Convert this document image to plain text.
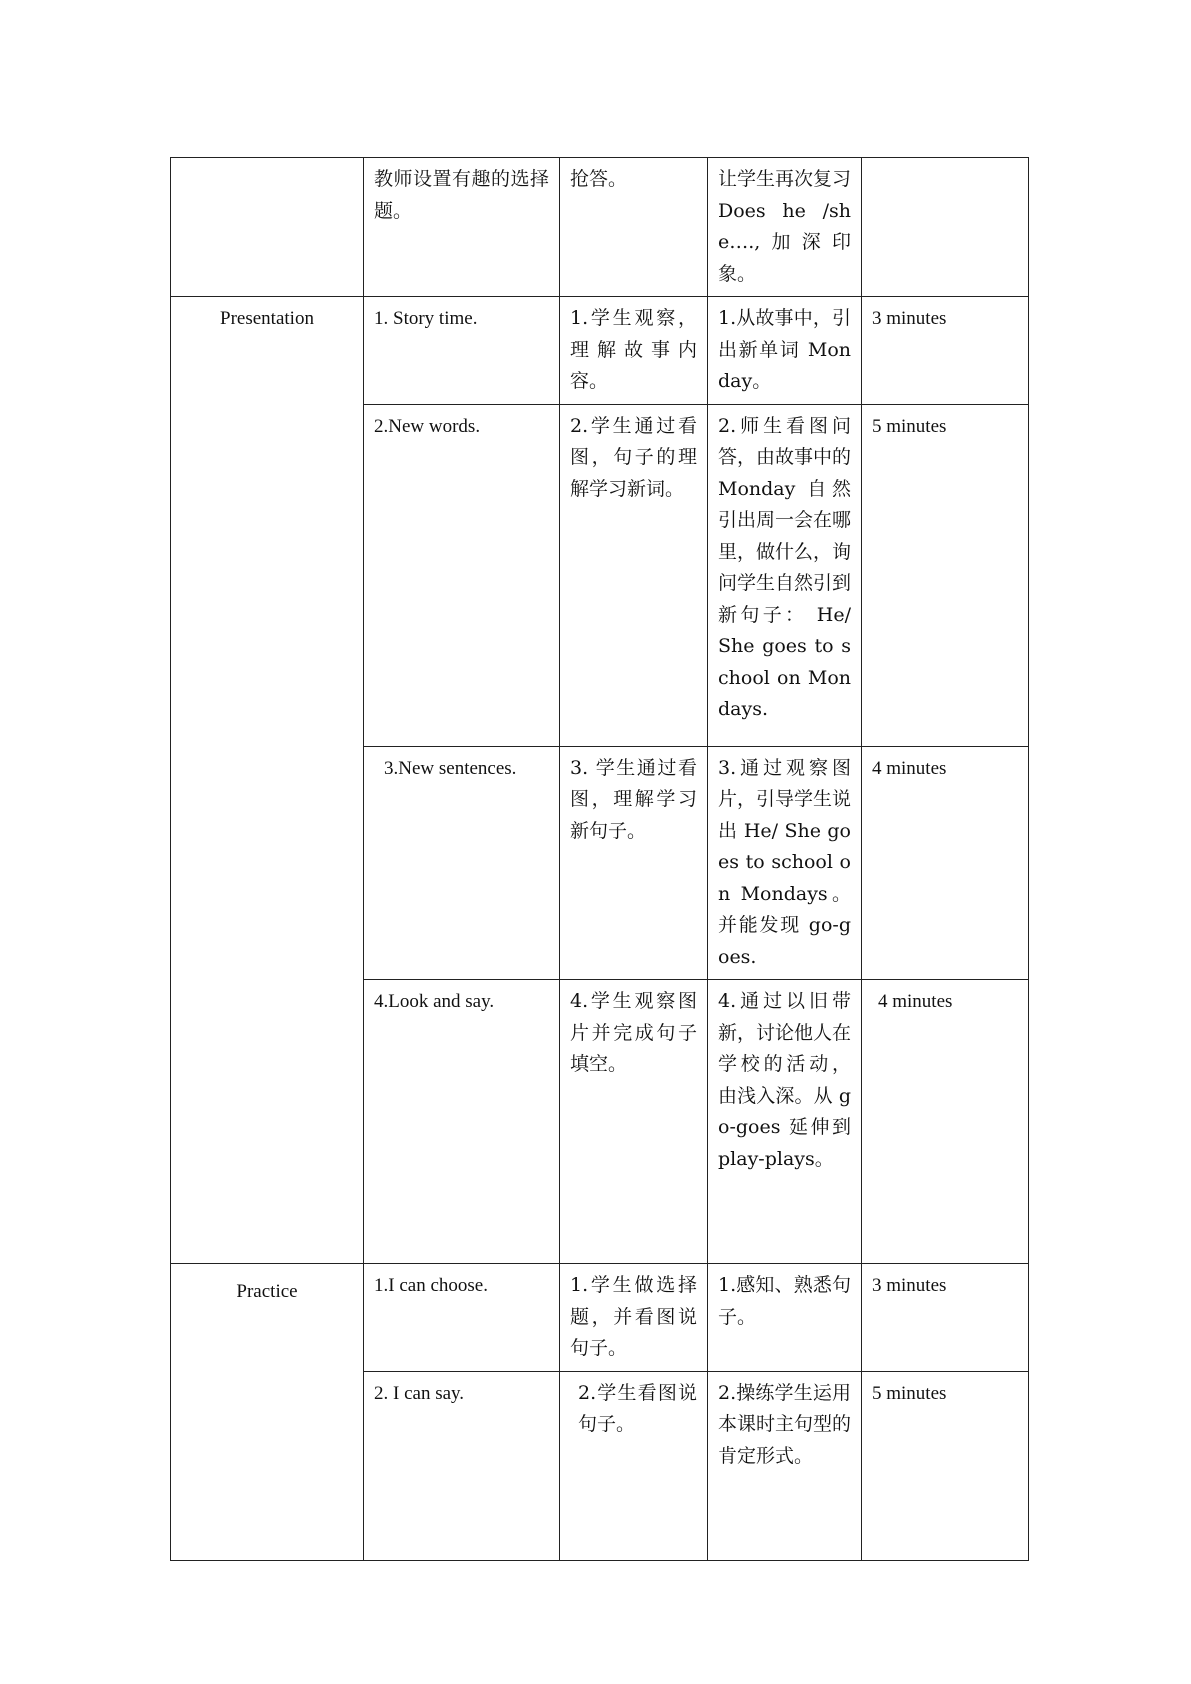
	教师设置有趣的选择题。	抢答。	让学生再次复习 Does he /she….,加深印象。	
Presentation	1. Story time.	1.学生观察，理解故事内容。	1.从故事中，引出新单词 Monday。	3 minutes
	2.New words.	2.学生通过看图，句子的理解学习新词。	2.师生看图问答，由故事中的 Monday 自然引出周一会在哪里，做什么，询问学生自然引到新句子： He/ She goes to school on Mondays.	5 minutes
	3.New sentences.	3. 学生通过看图，理解学习新句子。	3.通过观察图片，引导学生说出 He/ She goes to school on Mondays。并能发现 go-goes.	4 minutes
	4.Look and say.	4.学生观察图片并完成句子填空。	4.通过以旧带新，讨论他人在学校的活动， 由浅入深。从 go-goes 延伸到 play-plays。	4 minutes
Practice	1.I can choose.	1.学生做选择题，并看图说句子。	1.感知、熟悉句子。	3 minutes
	2. I can say.	2.学生看图说句子。	2.操练学生运用本课时主句型的肯定形式。	5 minutes
